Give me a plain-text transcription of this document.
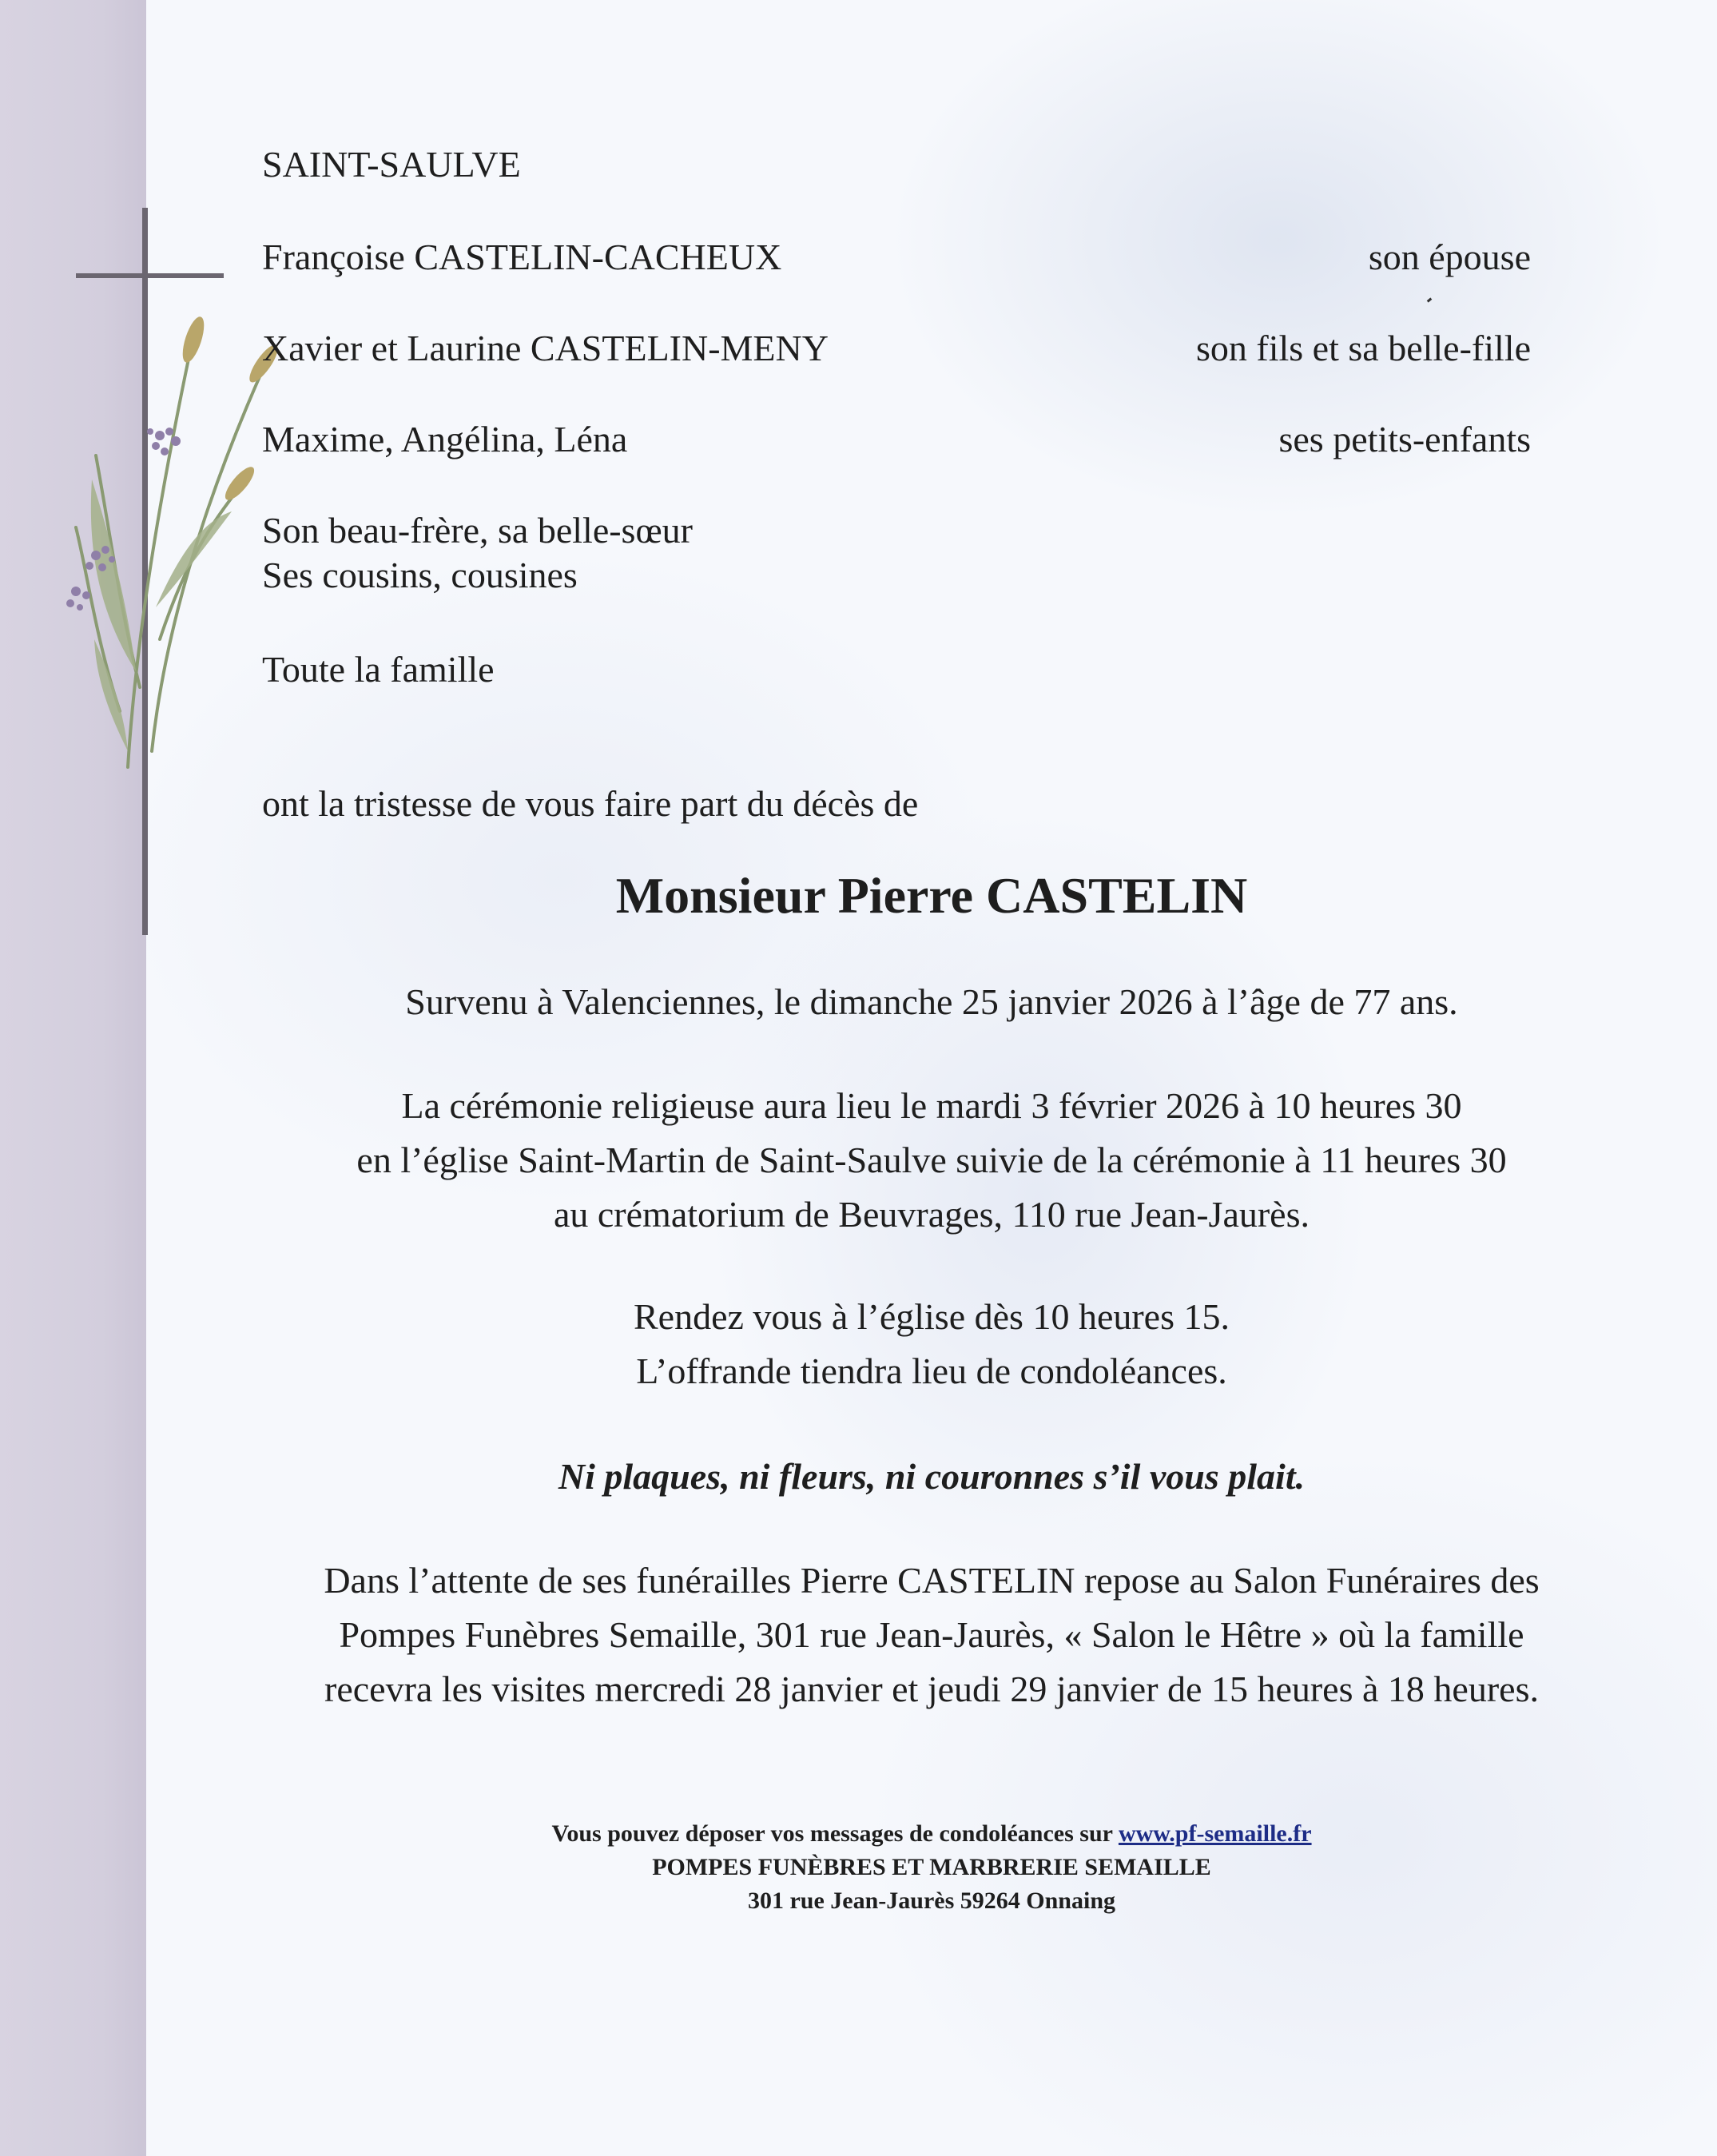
SAINT-SAULVE
Françoise CASTELIN-CACHEUX	son épouse
Xavier et Laurine CASTELIN-MENY	son fils et sa belle-fille
Maxime, Angélina, Léna	ses petits-enfants
Son beau-frère, sa belle-sœur
Ses cousins, cousines
Toute la famille
ont la tristesse de vous faire part du décès de
Monsieur Pierre CASTELIN
Survenu à Valenciennes, le dimanche 25 janvier 2026 à l’âge de 77 ans.
La cérémonie religieuse aura lieu le mardi 3 février 2026 à 10 heures 30
en l’église Saint-Martin de Saint-Saulve suivie de la cérémonie à 11 heures 30
au crématorium de Beuvrages, 110 rue Jean-Jaurès.
Rendez vous à l’église dès 10 heures 15.
L’offrande tiendra lieu de condoléances.
Ni plaques, ni fleurs, ni couronnes s’il vous plait.
Dans l’attente de ses funérailles Pierre CASTELIN repose au Salon Funéraires des
Pompes Funèbres Semaille, 301 rue Jean-Jaurès, « Salon le Hêtre » où la famille
recevra les visites mercredi 28 janvier et jeudi 29 janvier de 15 heures à 18 heures.
Vous pouvez déposer vos messages de condoléances sur www.pf-semaille.fr
POMPES FUNÈBRES ET MARBRERIE SEMAILLE
301 rue Jean-Jaurès 59264 Onnaing
